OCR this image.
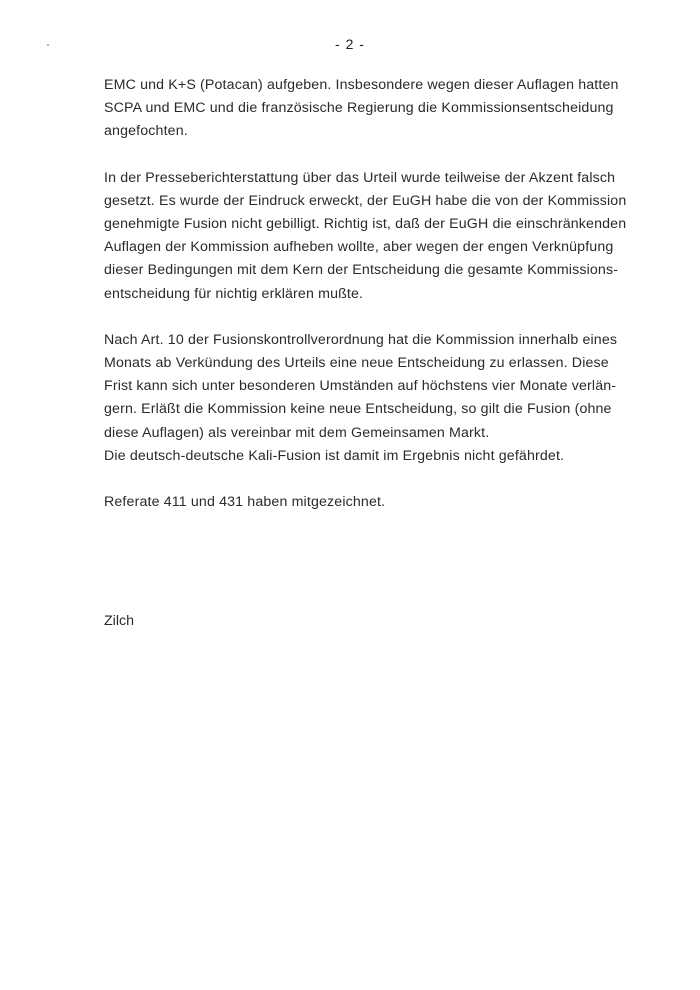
- 2 -

EMC und K+S (Potacan) aufgeben. Insbesondere wegen dieser Auflagen hatten
SCPA und EMC und die französische Regierung die Kommissionsentscheidung
angefochten.

In der Presseberichterstattung über das Urteil wurde teilweise der Akzent falsch
gesetzt. Es wurde der Eindruck erweckt, der EuGH habe die von der Kommission
genehmigte Fusion nicht gebilligt. Richtig ist, daß der EuGH die einschränkenden
Auflagen der Kommission aufheben wollte, aber wegen der engen Verknüpfung
dieser Bedingungen mit dem Kern der Entscheidung die gesamte Kommissions-
entscheidung für nichtig erklären mußte.

Nach Art. 10 der Fusionskontrollverordnung hat die Kommission innerhalb eines
Monats ab Verkündung des Urteils eine neue Entscheidung zu erlassen. Diese
Frist kann sich unter besonderen Umständen auf höchstens vier Monate verlän-
gern. Erläßt die Kommission keine neue Entscheidung, so gilt die Fusion (ohne
diese Auflagen) als vereinbar mit dem Gemeinsamen Markt.
Die deutsch-deutsche Kali-Fusion ist damit im Ergebnis nicht gefährdet.

Referate 411 und 431 haben mitgezeichnet.

Zilch
